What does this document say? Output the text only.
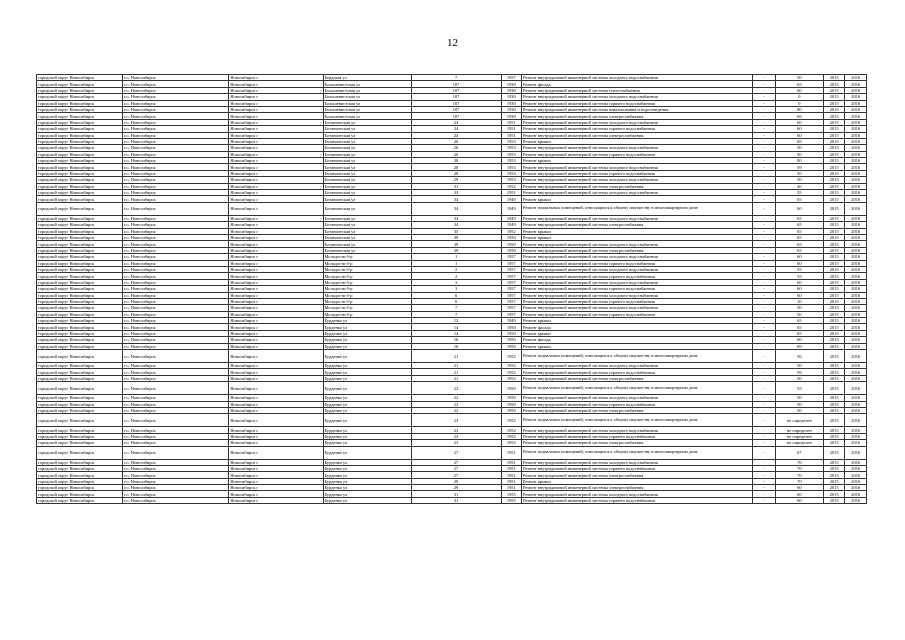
12
городской округ Новосибирск	г.о. Новосибирск	Новосибирск г	Бердская ул	7	1957	Ремонт внутридомовой инженерной системы холодного водоснабжения	-	50	2015	2016
городской округ Новосибирск	г.о. Новосибирск	Новосибирск г	Большевистская ул	107	1930	Ремонт фасада	-	65	2015	2016
городской округ Новосибирск	г.о. Новосибирск	Новосибирск г	Большевистская ул	107	1930	Ремонт внутридомовой инженерной системы теплоснабжения	-	60	2015	2016
городской округ Новосибирск	г.о. Новосибирск	Новосибирск г	Большевистская ул	107	1930	Ремонт внутридомовой инженерной системы холодного водоснабжения	-	0	2015	2016
городской округ Новосибирск	г.о. Новосибирск	Новосибирск г	Большевистская ул	107	1930	Ремонт внутридомовой инженерной системы горячего водоснабжения	-	0	2015	2016
городской округ Новосибирск	г.о. Новосибирск	Новосибирск г	Большевистская ул	107	1930	Ремонт внутридомовой инженерной системы канализования и водоотведения	-	80	2015	2016
городской округ Новосибирск	г.о. Новосибирск	Новосибирск г	Большевистская ул	107	1930	Ремонт внутридомовой инженерной системы электроснабжения	-	69	2015	2016
городской округ Новосибирск	г.о. Новосибирск	Новосибирск г	Ботаническая ул	24	1951	Ремонт внутридомовой инженерной системы холодного водоснабжения	-	60	2015	2016
городской округ Новосибирск	г.о. Новосибирск	Новосибирск г	Ботаническая ул	24	1951	Ремонт внутридомовой инженерной системы горячего водоснабжения	-	60	2015	2016
городской округ Новосибирск	г.о. Новосибирск	Новосибирск г	Ботаническая ул	24	1951	Ремонт внутридомовой инженерной системы электроснабжения	-	60	2015	2016
городской округ Новосибирск	г.о. Новосибирск	Новосибирск г	Ботаническая ул	26	1953	Ремонт крыши	-	69	2015	2016
городской округ Новосибирск	г.о. Новосибирск	Новосибирск г	Ботаническая ул	26	1953	Ремонт внутридомовой инженерной системы холодного водоснабжения	-	50	2015	2016
городской округ Новосибирск	г.о. Новосибирск	Новосибирск г	Ботаническая ул	26	1953	Ремонт внутридомовой инженерной системы горячего водоснабжения	-	50	2015	2016
городской округ Новосибирск	г.о. Новосибирск	Новосибирск г	Ботаническая ул	28	1953	Ремонт крыши	-	80	2015	2016
городской округ Новосибирск	г.о. Новосибирск	Новосибирск г	Ботаническая ул	28	1953	Ремонт внутридомовой инженерной системы холодного водоснабжения	-	59	2015	2016
городской округ Новосибирск	г.о. Новосибирск	Новосибирск г	Ботаническая ул	28	1953	Ремонт внутридомовой инженерной системы горячего водоснабжения	-	50	2015	2016
городской округ Новосибирск	г.о. Новосибирск	Новосибирск г	Ботаническая ул	29	1953	Ремонт внутридомовой инженерной системы холодного водоснабжения	-	50	2015	2016
городской округ Новосибирск	г.о. Новосибирск	Новосибирск г	Ботаническая ул	31	1952	Ремонт внутридомовой инженерной системы электроснабжения	-	40	2015	2016
городской округ Новосибирск	г.о. Новосибирск	Новосибирск г	Ботаническая ул	33	1951	Ремонт внутридомовой инженерной системы холодного водоснабжения	-	55	2015	2016
городской округ Новосибирск	г.о. Новосибирск	Новосибирск г	Ботаническая ул	34	1949	Ремонт крыши	-	65	2015	2016
городской округ Новосибирск	г.о. Новосибирск	Новосибирск г	Ботаническая ул	34	1949	Ремонт подвальных помещений, относящихся к общему имуществу в многоквартирном доме	-	60	2015	2016
городской округ Новосибирск	г.о. Новосибирск	Новосибирск г	Ботаническая ул	34	1949	Ремонт внутридомовой инженерной системы холодного водоснабжения	-	65	2015	2016
городской округ Новосибирск	г.о. Новосибирск	Новосибирск г	Ботаническая ул	34	1949	Ремонт внутридомовой инженерной системы электроснабжения	-	65	2015	2016
городской округ Новосибирск	г.о. Новосибирск	Новосибирск г	Ботаническая ул	35	1952	Ремонт крыши	-	65	2015	2016
городской округ Новосибирск	г.о. Новосибирск	Новосибирск г	Ботаническая ул	39	1950	Ремонт крыши	-	65	2015	2016
городской округ Новосибирск	г.о. Новосибирск	Новосибирск г	Ботаническая ул	39	1950	Ремонт внутридомовой инженерной системы холодного водоснабжения	-	65	2015	2016
городской округ Новосибирск	г.о. Новосибирск	Новосибирск г	Ботаническая ул	39	1950	Ремонт внутридомовой инженерной системы электроснабжения	-	65	2015	2016
городской округ Новосибирск	г.о. Новосибирск	Новосибирск г	Молодости б-р	1	1957	Ремонт внутридомовой инженерной системы холодного водоснабжения	-	60	2015	2016
городской округ Новосибирск	г.о. Новосибирск	Новосибирск г	Молодости б-р	1	1957	Ремонт внутридомовой инженерной системы горячего водоснабжения	-	60	2015	2016
городской округ Новосибирск	г.о. Новосибирск	Новосибирск г	Молодости б-р	2	1957	Ремонт внутридомовой инженерной системы холодного водоснабжения	-	55	2015	2016
городской округ Новосибирск	г.о. Новосибирск	Новосибирск г	Молодости б-р	2	1957	Ремонт внутридомовой инженерной системы горячего водоснабжения	-	55	2015	2016
городской округ Новосибирск	г.о. Новосибирск	Новосибирск г	Молодости б-р	3	1957	Ремонт внутридомовой инженерной системы холодного водоснабжения	-	60	2015	2016
городской округ Новосибирск	г.о. Новосибирск	Новосибирск г	Молодости б-р	3	1957	Ремонт внутридомовой инженерной системы горячего водоснабжения	-	60	2015	2016
городской округ Новосибирск	г.о. Новосибирск	Новосибирск г	Молодости б-р	6	1957	Ремонт внутридомовой инженерной системы холодного водоснабжения	-	60	2015	2016
городской округ Новосибирск	г.о. Новосибирск	Новосибирск г	Молодости б-р	6	1957	Ремонт внутридомовой инженерной системы горячего водоснабжения	-	10	2015	2016
городской округ Новосибирск	г.о. Новосибирск	Новосибирск г	Молодости б-р	7	1957	Ремонт внутридомовой инженерной системы холодного водоснабжения	-	50	2015	2016
городской округ Новосибирск	г.о. Новосибирск	Новосибирск г	Молодости б-р	7	1957	Ремонт внутридомовой инженерной системы горячего водоснабжения	-	50	2015	2016
городской округ Новосибирск	г.о. Новосибирск	Новосибирск г	Бурденко ул	12	1949	Ремонт крыши	-	65	2015	2016
городской округ Новосибирск	г.о. Новосибирск	Новосибирск г	Бурденко ул	14	1950	Ремонт фасада	-	65	2015	2016
городской округ Новосибирск	г.о. Новосибирск	Новосибирск г	Бурденко ул	14	1950	Ремонт крыши	-	65	2015	2016
городской округ Новосибирск	г.о. Новосибирск	Новосибирск г	Бурденко ул	16	1950	Ремонт фасада	-	60	2015	2016
городской округ Новосибирск	г.о. Новосибирск	Новосибирск г	Бурденко ул	16	1950	Ремонт крыши	-	69	2015	2016
городской округ Новосибирск	г.о. Новосибирск	Новосибирск г	Бурденко ул	21	1952	Ремонт подвальных помещений, относящихся к общему имуществу в многоквартирном доме	-	56	2015	2016
городской округ Новосибирск	г.о. Новосибирск	Новосибирск г	Бурденко ул	21	1952	Ремонт внутридомовой инженерной системы холодного водоснабжения	-	50	2015	2016
городской округ Новосибирск	г.о. Новосибирск	Новосибирск г	Бурденко ул	21	1952	Ремонт внутридомовой инженерной системы горячего водоснабжения	-	59	2015	2016
городской округ Новосибирск	г.о. Новосибирск	Новосибирск г	Бурденко ул	21	1952	Ремонт внутридомовой инженерной системы электроснабжения	-	50	2015	2016
городской округ Новосибирск	г.о. Новосибирск	Новосибирск г	Бурденко ул	22	1950	Ремонт подвальных помещений, относящихся к общему имуществу в многоквартирном доме	-	55	2015	2016
городской округ Новосибирск	г.о. Новосибирск	Новосибирск г	Бурденко ул	22	1950	Ремонт внутридомовой инженерной системы холодного водоснабжения	-	50	2015	2016
городской округ Новосибирск	г.о. Новосибирск	Новосибирск г	Бурденко ул	22	1950	Ремонт внутридомовой инженерной системы горячего водоснабжения	-	50	2015	2016
городской округ Новосибирск	г.о. Новосибирск	Новосибирск г	Бурденко ул	22	1950	Ремонт внутридомовой инженерной системы электроснабжения	-	50	2015	2016
городской округ Новосибирск	г.о. Новосибирск	Новосибирск г	Бурденко ул	23	1952	Ремонт подвальных помещений, относящихся к общему имуществу в многоквартирном доме	-	не определен	2015	2016
городской округ Новосибирск	г.о. Новосибирск	Новосибирск г	Бурденко ул	23	1952	Ремонт внутридомовой инженерной системы холодного водоснабжения	-	не определен	2015	2016
городской округ Новосибирск	г.о. Новосибирск	Новосибирск г	Бурденко ул	23	1952	Ремонт внутридомовой инженерной системы горячего водоснабжения	-	не определен	2015	2016
городской округ Новосибирск	г.о. Новосибирск	Новосибирск г	Бурденко ул	23	1952	Ремонт внутридомовой инженерной системы электроснабжения	-	не определен	2015	2016
городской округ Новосибирск	г.о. Новосибирск	Новосибирск г	Бурденко ул	27	1951	Ремонт подвальных помещений, относящихся к общему имуществу в многоквартирном доме	-	67	2015	2016
городской округ Новосибирск	г.о. Новосибирск	Новосибирск г	Бурденко ул	27	1951	Ремонт внутридомовой инженерной системы холодного водоснабжения	-	70	2015	2016
городской округ Новосибирск	г.о. Новосибирск	Новосибирск г	Бурденко ул	27	1951	Ремонт внутридомовой инженерной системы горячего водоснабжения	-	70	2015	2016
городской округ Новосибирск	г.о. Новосибирск	Новосибирск г	Бурденко ул	27	1951	Ремонт внутридомовой инженерной системы электроснабжения	-	70	2015	2016
городской округ Новосибирск	г.о. Новосибирск	Новосибирск г	Бурденко ул	29	1951	Ремонт крыши	-	70	2015	2016
городской округ Новосибирск	г.о. Новосибирск	Новосибирск г	Бурденко ул	29	1951	Ремонт внутридомовой инженерной системы электроснабжения	-	60	2015	2016
городской округ Новосибирск	г.о. Новосибирск	Новосибирск г	Бурденко ул	31	1955	Ремонт внутридомовой инженерной системы холодного водоснабжения	-	60	2015	2016
городской округ Новосибирск	г.о. Новосибирск	Новосибирск г	Бурденко ул	31	1955	Ремонт внутридомовой инженерной системы горячего водоснабжения	-	60	2015	2016
